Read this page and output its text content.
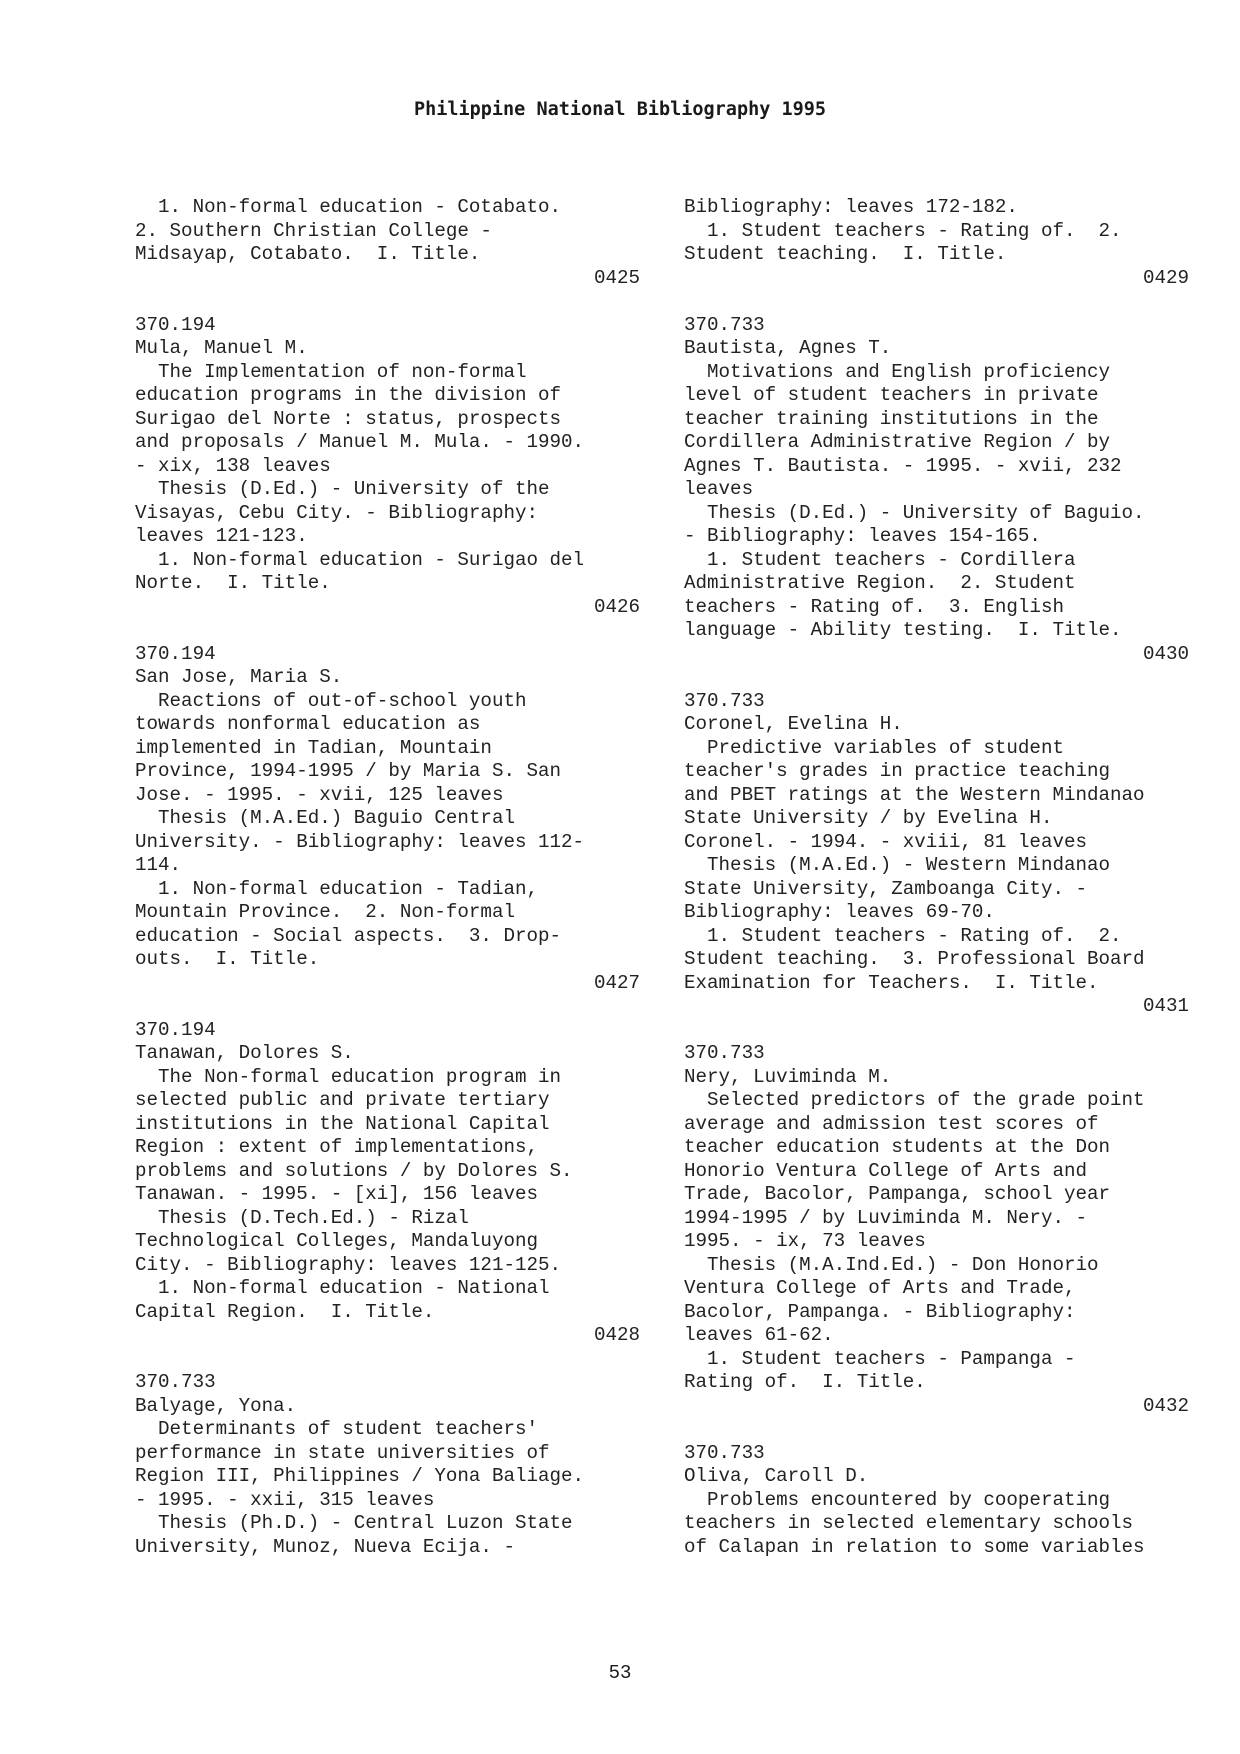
Philippine National Bibliography 1995
1. Non-formal education - Cotabato.
2. Southern Christian College -
Midsayap, Cotabato.  I. Title.
0425
370.194
Mula, Manuel M.
The Implementation of non-formal
education programs in the division of
Surigao del Norte : status, prospects
and proposals / Manuel M. Mula. - 1990.
- xix, 138 leaves
Thesis (D.Ed.) - University of the
Visayas, Cebu City. - Bibliography:
leaves 121-123.
1. Non-formal education - Surigao del
Norte.  I. Title.
0426
370.194
San Jose, Maria S.
Reactions of out-of-school youth
towards nonformal education as
implemented in Tadian, Mountain
Province, 1994-1995 / by Maria S. San
Jose. - 1995. - xvii, 125 leaves
Thesis (M.A.Ed.) Baguio Central
University. - Bibliography: leaves 112-
114.
1. Non-formal education - Tadian,
Mountain Province.  2. Non-formal
education - Social aspects.  3. Drop-
outs.  I. Title.
0427
370.194
Tanawan, Dolores S.
The Non-formal education program in
selected public and private tertiary
institutions in the National Capital
Region : extent of implementations,
problems and solutions / by Dolores S.
Tanawan. - 1995. - [xi], 156 leaves
Thesis (D.Tech.Ed.) - Rizal
Technological Colleges, Mandaluyong
City. - Bibliography: leaves 121-125.
1. Non-formal education - National
Capital Region.  I. Title.
0428
370.733
Balyage, Yona.
Determinants of student teachers'
performance in state universities of
Region III, Philippines / Yona Baliage.
- 1995. - xxii, 315 leaves
Thesis (Ph.D.) - Central Luzon State
University, Munoz, Nueva Ecija. -
Bibliography: leaves 172-182.
1. Student teachers - Rating of.  2.
Student teaching.  I. Title.
0429
370.733
Bautista, Agnes T.
Motivations and English proficiency
level of student teachers in private
teacher training institutions in the
Cordillera Administrative Region / by
Agnes T. Bautista. - 1995. - xvii, 232
leaves
Thesis (D.Ed.) - University of Baguio.
- Bibliography: leaves 154-165.
1. Student teachers - Cordillera
Administrative Region.  2. Student
teachers - Rating of.  3. English
language - Ability testing.  I. Title.
0430
370.733
Coronel, Evelina H.
Predictive variables of student
teacher's grades in practice teaching
and PBET ratings at the Western Mindanao
State University / by Evelina H.
Coronel. - 1994. - xviii, 81 leaves
Thesis (M.A.Ed.) - Western Mindanao
State University, Zamboanga City. -
Bibliography: leaves 69-70.
1. Student teachers - Rating of.  2.
Student teaching.  3. Professional Board
Examination for Teachers.  I. Title.
0431
370.733
Nery, Luviminda M.
Selected predictors of the grade point
average and admission test scores of
teacher education students at the Don
Honorio Ventura College of Arts and
Trade, Bacolor, Pampanga, school year
1994-1995 / by Luviminda M. Nery. -
1995. - ix, 73 leaves
Thesis (M.A.Ind.Ed.) - Don Honorio
Ventura College of Arts and Trade,
Bacolor, Pampanga. - Bibliography:
leaves 61-62.
1. Student teachers - Pampanga -
Rating of.  I. Title.
0432
370.733
Oliva, Caroll D.
Problems encountered by cooperating
teachers in selected elementary schools
of Calapan in relation to some variables
53
